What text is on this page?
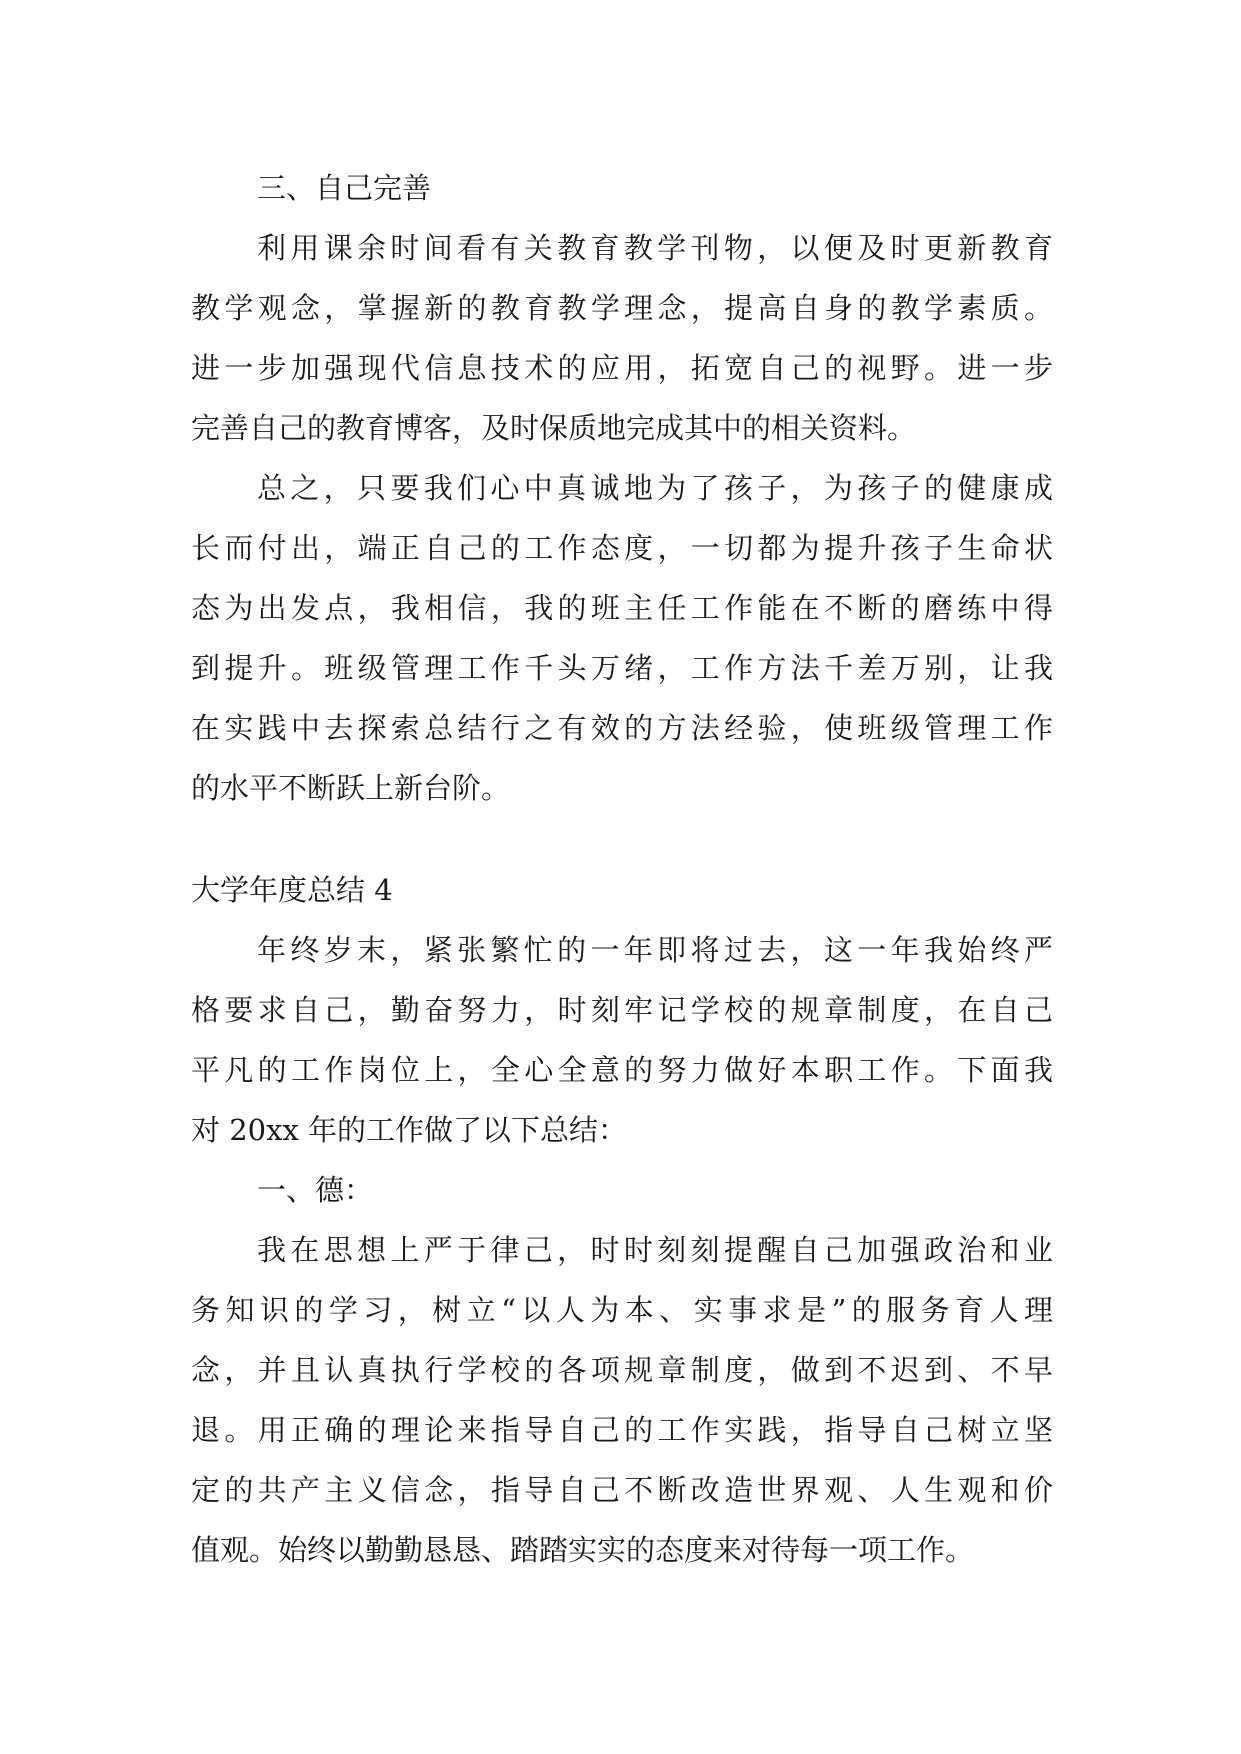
三、自己完善
利用课余时间看有关教育教学刊物，以便及时更新教育
教学观念，掌握新的教育教学理念，提高自身的教学素质。
进一步加强现代信息技术的应用，拓宽自己的视野。进一步
完善自己的教育博客，及时保质地完成其中的相关资料。
总之，只要我们心中真诚地为了孩子，为孩子的健康成
长而付出，端正自己的工作态度，一切都为提升孩子生命状
态为出发点，我相信，我的班主任工作能在不断的磨练中得
到提升。班级管理工作千头万绪，工作方法千差万别，让我
在实践中去探索总结行之有效的方法经验，使班级管理工作
的水平不断跃上新台阶。
大学年度总结 4
年终岁末，紧张繁忙的一年即将过去，这一年我始终严
格要求自己，勤奋努力，时刻牢记学校的规章制度，在自己
平凡的工作岗位上，全心全意的努力做好本职工作。下面我
对 20xx 年的工作做了以下总结：
一、德：
我在思想上严于律己，时时刻刻提醒自己加强政治和业
务知识的学习，树立“以人为本、实事求是”的服务育人理
念，并且认真执行学校的各项规章制度，做到不迟到、不早
退。用正确的理论来指导自己的工作实践，指导自己树立坚
定的共产主义信念，指导自己不断改造世界观、人生观和价
值观。始终以勤勤恳恳、踏踏实实的态度来对待每一项工作。
